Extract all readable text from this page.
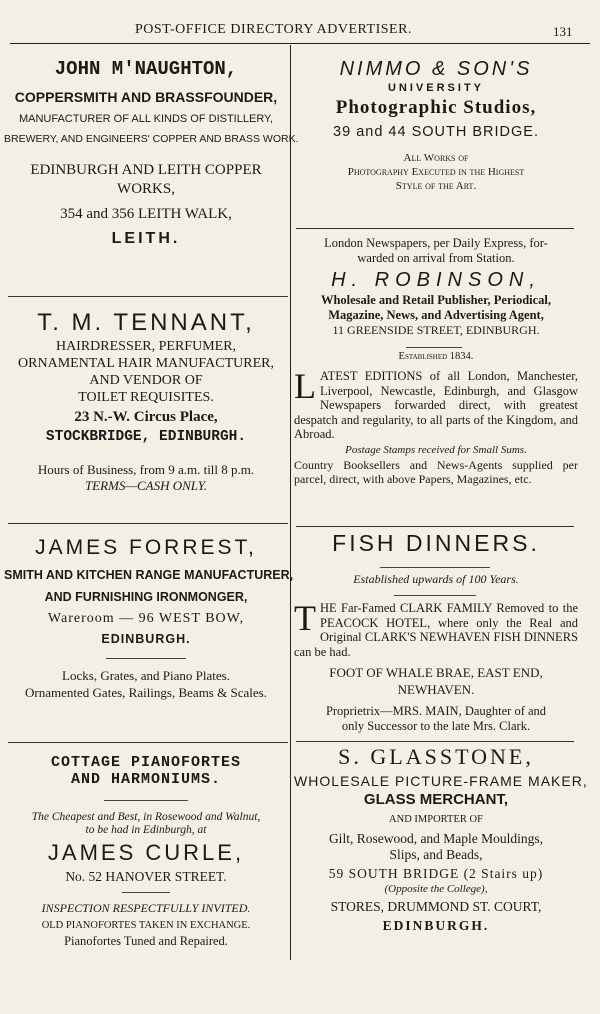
POST-OFFICE DIRECTORY ADVERTISER.	131
JOHN M'NAUGHTON,
COPPERSMITH AND BRASSFOUNDER,
MANUFACTURER OF ALL KINDS OF DISTILLERY,
BREWERY, AND ENGINEERS' COPPER AND BRASS WORK.
EDINBURGH AND LEITH COPPER
WORKS,
354 and 356 LEITH WALK,
LEITH.
T. M. TENNANT,
HAIRDRESSER, PERFUMER,
ORNAMENTAL HAIR MANUFACTURER,
AND VENDOR OF
TOILET REQUISITES.
23 N.-W. Circus Place,
STOCKBRIDGE, EDINBURGH.
Hours of Business, from 9 a.m. till 8 p.m.
TERMS—CASH ONLY.
JAMES FORREST,
SMITH AND KITCHEN RANGE MANUFACTURER,
AND FURNISHING IRONMONGER,
Wareroom — 96 WEST BOW,
EDINBURGH.
Locks, Grates, and Piano Plates.
Ornamented Gates, Railings, Beams & Scales.
COTTAGE PIANOFORTES
AND HARMONIUMS.
The Cheapest and Best, in Rosewood and Walnut,
to be had in Edinburgh, at
JAMES CURLE,
No. 52 HANOVER STREET.
INSPECTION RESPECTFULLY INVITED.
OLD PIANOFORTES TAKEN IN EXCHANGE.
Pianofortes Tuned and Repaired.
NIMMO & SON'S
UNIVERSITY
Photographic Studios,
39 and 44 SOUTH BRIDGE.
All Works of
Photography Executed in the Highest
Style of the Art.
London Newspapers, per Daily Express, for-
warded on arrival from Station.
H. ROBINSON,
Wholesale and Retail Publisher, Periodical,
Magazine, News, and Advertising Agent,
11 GREENSIDE STREET, EDINBURGH.
Established 1834.
LATEST EDITIONS of all London, Manchester, Liverpool, Newcastle, Edinburgh, and Glasgow Newspapers forwarded direct, with greatest despatch and regularity, to all parts of the Kingdom, and Abroad.
Postage Stamps received for Small Sums.
Country Booksellers and News-Agents supplied per parcel, direct, with above Papers, Magazines, etc.
FISH DINNERS.
Established upwards of 100 Years.
THE Far-Famed CLARK FAMILY Removed to the PEACOCK HOTEL, where only the Real and Original CLARK'S NEWHAVEN FISH DINNERS can be had.
FOOT OF WHALE BRAE, EAST END,
NEWHAVEN.
Proprietrix—MRS. MAIN, Daughter of and
only Successor to the late Mrs. Clark.
S. GLASSTONE,
WHOLESALE PICTURE-FRAME MAKER,
GLASS MERCHANT,
AND IMPORTER OF
Gilt, Rosewood, and Maple Mouldings,
Slips, and Beads,
59 SOUTH BRIDGE (2 Stairs up)
(Opposite the College),
STORES, DRUMMOND ST. COURT,
EDINBURGH.
